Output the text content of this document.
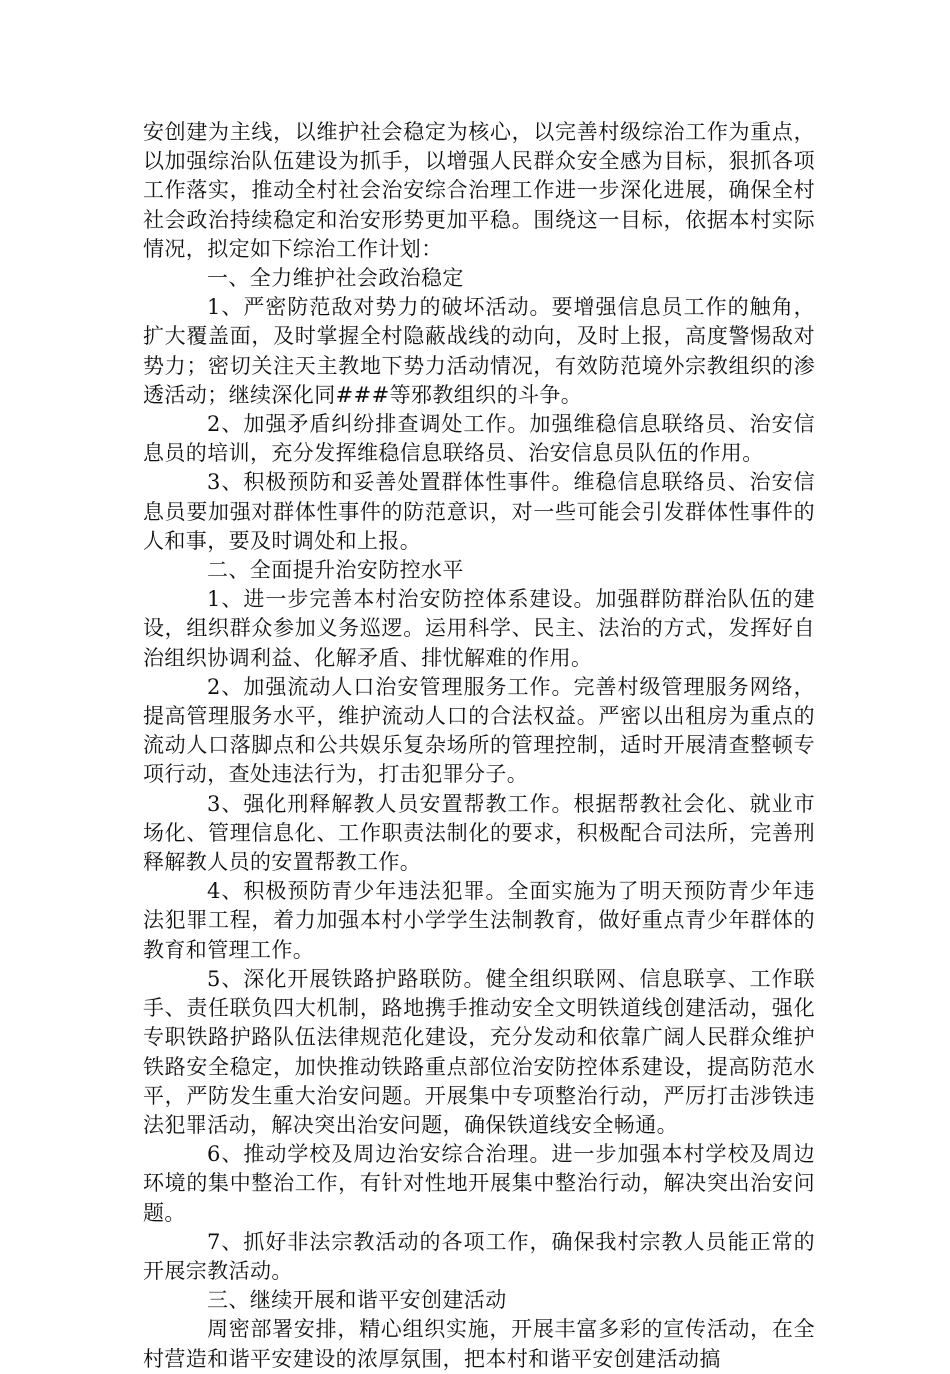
安创建为主线，以维护社会稳定为核心，以完善村级综治工作为重点，以加强综治队伍建设为抓手，以增强人民群众安全感为目标，狠抓各项工作落实，推动全村社会治安综合治理工作进一步深化进展，确保全村社会政治持续稳定和治安形势更加平稳。围绕这一目标，依据本村实际情况，拟定如下综治工作计划：

一、全力维护社会政治稳定

1、严密防范敌对势力的破坏活动。要增强信息员工作的触角，扩大覆盖面，及时掌握全村隐蔽战线的动向，及时上报，高度警惕敌对势力；密切关注天主教地下势力活动情况，有效防范境外宗教组织的渗透活动；继续深化同###等邪教组织的斗争。

2、加强矛盾纠纷排查调处工作。加强维稳信息联络员、治安信息员的培训，充分发挥维稳信息联络员、治安信息员队伍的作用。

3、积极预防和妥善处置群体性事件。维稳信息联络员、治安信息员要加强对群体性事件的防范意识，对一些可能会引发群体性事件的人和事，要及时调处和上报。

二、全面提升治安防控水平

1、进一步完善本村治安防控体系建设。加强群防群治队伍的建设，组织群众参加义务巡逻。运用科学、民主、法治的方式，发挥好自治组织协调利益、化解矛盾、排忧解难的作用。

2、加强流动人口治安管理服务工作。完善村级管理服务网络，提高管理服务水平，维护流动人口的合法权益。严密以出租房为重点的流动人口落脚点和公共娱乐复杂场所的管理控制，适时开展清查整顿专项行动，查处违法行为，打击犯罪分子。

3、强化刑释解教人员安置帮教工作。根据帮教社会化、就业市场化、管理信息化、工作职责法制化的要求，积极配合司法所，完善刑释解教人员的安置帮教工作。

4、积极预防青少年违法犯罪。全面实施为了明天预防青少年违法犯罪工程，着力加强本村小学学生法制教育，做好重点青少年群体的教育和管理工作。

5、深化开展铁路护路联防。健全组织联网、信息联享、工作联手、责任联负四大机制，路地携手推动安全文明铁道线创建活动，强化专职铁路护路队伍法律规范化建设，充分发动和依靠广阔人民群众维护铁路安全稳定，加快推动铁路重点部位治安防控体系建设，提高防范水平，严防发生重大治安问题。开展集中专项整治行动，严厉打击涉铁违法犯罪活动，解决突出治安问题，确保铁道线安全畅通。

6、推动学校及周边治安综合治理。进一步加强本村学校及周边环境的集中整治工作，有针对性地开展集中整治行动，解决突出治安问题。

7、抓好非法宗教活动的各项工作，确保我村宗教人员能正常的开展宗教活动。

三、继续开展和谐平安创建活动

周密部署安排，精心组织实施，开展丰富多彩的宣传活动，在全村营造和谐平安建设的浓厚氛围，把本村和谐平安创建活动搞
